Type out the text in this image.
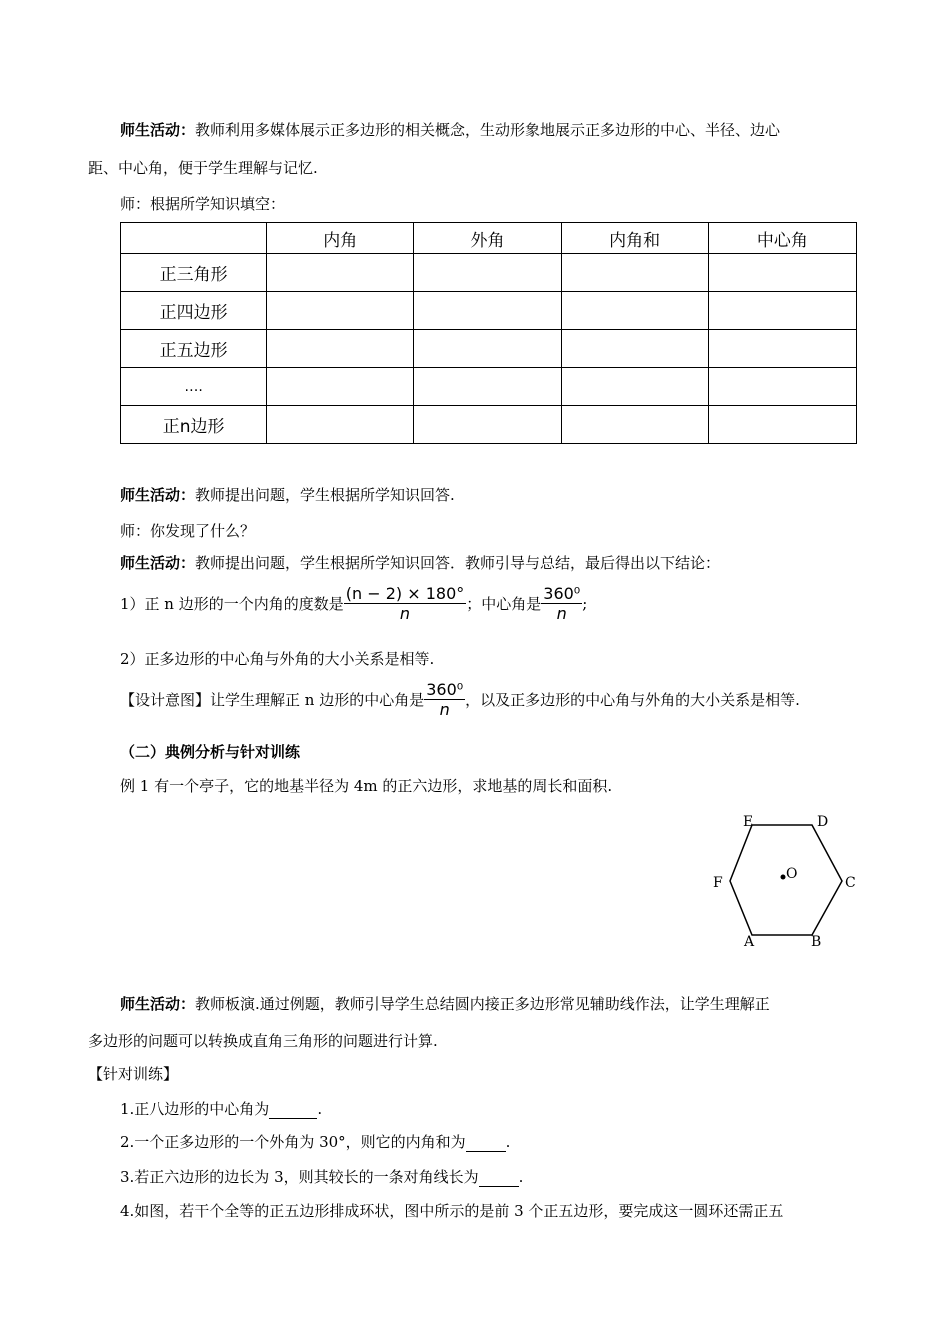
师生活动：教师利用多媒体展示正多边形的相关概念，生动形象地展示正多边形的中心、半径、边心
距、中心角，便于学生理解与记忆.
师：根据所学知识填空：
	内角	外角	内角和	中心角
正三角形				
正四边形				
正五边形				
….				
正n边形				
师生活动：教师提出问题，学生根据所学知识回答.
师：你发现了什么？
师生活动：教师提出问题，学生根据所学知识回答．教师引导与总结，最后得出以下结论：
1）正 n 边形的一个内角的度数是 $\frac{(n - 2) \times 180^\circ}{n}$ ；中心角是 $\frac{\text{360⁰}}{n}$ ;
2）正多边形的中心角与外角的大小关系是相等.
【设计意图】让学生理解正 n 边形的中心角是 $\frac{\text{360⁰}}{n}$ ，以及正多边形的中心角与外角的大小关系是相等.
（二）典例分析与针对训练
例 1 有一个亭子，它的地基半径为 4m 的正六边形，求地基的周长和面积.
O
A	B
C
D
E
F
师生活动：教师板演.通过例题，教师引导学生总结圆内接正多边形常见辅助线作法，让学生理解正
多边形的问题可以转换成直角三角形的问题进行计算.
【针对训练】
1.正八边形的中心角为	.
2.一个正多边形的一个外角为 30°，则它的内角和为	.
3.若正六边形的边长为 3，则其较长的一条对角线长为	.
4.如图，若干个全等的正五边形排成环状，图中所示的是前 3 个正五边形，要完成这一圆环还需正五
